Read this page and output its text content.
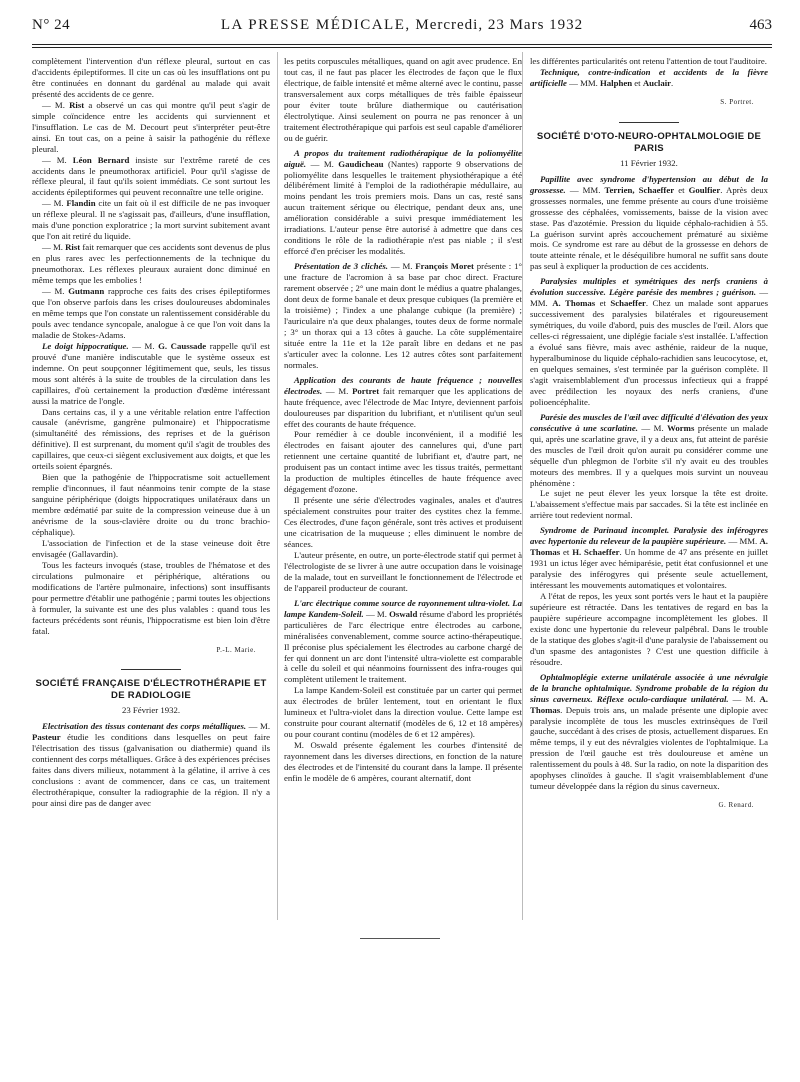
N° 24	LA PRESSE MÉDICALE, Mercredi, 23 Mars 1932	463

complètement l'intervention d'un réflexe pleural, surtout en cas d'accidents épileptiformes. Il cite un cas où les insufflations ont pu être continuées en donnant du gardénal au malade qui avait présenté des accidents de ce genre.

— M. Rist a observé un cas qui montre qu'il peut s'agir de simple coïncidence entre les accidents qui surviennent et l'insufflation. Le cas de M. Decourt peut s'interpréter peut-être ainsi. En tout cas, on a peine à saisir la pathogénie du réflexe pleural.

— M. Léon Bernard insiste sur l'extrême rareté de ces accidents dans le pneumothorax artificiel. Pour qu'il s'agisse de réflexe pleural, il faut qu'ils soient immédiats. Ce sont surtout les accidents épileptiformes qui peuvent reconnaître une telle origine.

— M. Flandin cite un fait où il est difficile de ne pas invoquer un réflexe pleural. Il ne s'agissait pas, d'ailleurs, d'une insufflation, mais d'une ponction exploratrice ; la mort survint subitement avant que l'on ait retiré du liquide.

— M. Rist fait remarquer que ces accidents sont devenus de plus en plus rares avec les perfectionnements de la technique du pneumothorax. Les réflexes pleuraux auraient donc diminué en même temps que les embolies !

— M. Gutmann rapproche ces faits des crises épileptiformes que l'on observe parfois dans les crises douloureuses abdominales en même temps que l'on constate un ralentissement considérable du pouls avec tendance syncopale, analogue à ce que l'on voit dans la maladie de Stokes-Adams.

Le doigt hippocratique. — M. G. Caussade rappelle qu'il est prouvé d'une manière indiscutable que le système osseux est indemne. On peut soupçonner légitimement que, seuls, les tissus mous sont altérés à la suite de troubles de la circulation dans les capillaires, d'où certainement la production d'œdème intéressant aussi la matrice de l'ongle.

Dans certains cas, il y a une véritable relation entre l'affection causale (anévrisme, gangrène pulmonaire) et l'hippocratisme (simultanéité des rémissions, des reprises et de la guérison définitive). Il est surprenant, du moment qu'il s'agit de troubles des capillaires, que ceux-ci siègent exclusivement aux doigts, et que les orteils soient épargnés.

Bien que la pathogénie de l'hippocratisme soit actuellement remplie d'inconnues, il faut néanmoins tenir compte de la stase sanguine périphérique (doigts hippocratiques unilatéraux dans un membre œdématié par suite de la compression veineuse due à un anévrisme de la sous-clavière droite ou du tronc brachio-céphalique).

L'association de l'infection et de la stase veineuse doit être envisagée (Gallavardin).

Tous les facteurs invoqués (stase, troubles de l'hématose et des circulations pulmonaire et périphérique, altérations ou modifications de l'artère pulmonaire, infections) sont insuffisants pour permettre d'établir une pathogénie ; parmi toutes les objections à formuler, la suivante est une des plus valables : quand tous les facteurs précédents sont réunis, l'hippocratisme est bien loin d'être fatal.

P.-L. Marie.
SOCIÉTÉ FRANÇAISE D'ÉLECTROTHÉRAPIE ET DE RADIOLOGIE
23 Février 1932.

Electrisation des tissus contenant des corps métalliques. — M. Pasteur étudie les conditions dans lesquelles on peut faire l'électrisation des tissus (galvanisation ou diathermie) quand ils contiennent des corps métalliques. Grâce à des expériences précises faites dans divers milieux, notamment à la gélatine, il arrive à ces conclusions : avant de commencer, dans ce cas, un traitement électrothérapique, consulter la radiographie de la région. Il n'y a pour ainsi dire pas de danger avec

les petits corpuscules métalliques, quand on agit avec prudence. En tout cas, il ne faut pas placer les électrodes de façon que le flux électrique, de faible intensité et même alterné avec le continu, passe transversalement aux corps métalliques de très faible épaisseur pour éviter toute brûlure diathermique ou cautérisation électrolytique. Ainsi seulement on pourra ne pas renoncer à un traitement électrothérapique qui parfois est seul capable d'améliorer ou de guérir.

A propos du traitement radiothérapique de la poliomyélite aiguë. — M. Gaudicheau (Nantes) rapporte 9 observations de poliomyélite dans lesquelles le traitement physiothérapique a été délibérément limité à l'emploi de la radiothérapie médullaire, au moins pendant les trois premiers mois. Dans un cas, resté sans aucun traitement sérique ou électrique, pendant deux ans, une amélioration considérable a suivi presque immédiatement les irradiations. L'auteur pense être autorisé à admettre que dans ces conditions le rôle de la radiothérapie n'est pas niable ; il s'est efforcé d'en préciser les modalités.

Présentation de 3 clichés. — M. François Moret présente : 1° une fracture de l'acromion à sa base par choc direct. Fracture rarement observée ; 2° une main dont le médius a quatre phalanges, dont deux de forme banale et deux presque cubiques (la première et la troisième) ; l'index a une phalange cubique (la première) ; l'auriculaire n'a que deux phalanges, toutes deux de forme normale ; 3° un thorax qui a 13 côtes à gauche. La côte supplémentaire située entre la 11e et la 12e paraît libre en dedans et ne pas s'articuler avec la colonne. Les 12 autres côtes sont parfaitement normales.

Application des courants de haute fréquence ; nouvelles électrodes. — M. Portret fait remarquer que les applications de haute fréquence, avec l'électrode de Mac Intyre, deviennent parfois douloureuses par disparition du lubrifiant, et n'utilisent qu'un seul effet des courants de haute fréquence.

Pour remédier à ce double inconvénient, il a modifié les électrodes en faisant ajouter des cannelures qui, d'une part retiennent une certaine quantité de lubrifiant et, d'autre part, ne produisent pas un contact intime avec les tissus traités, permettant la production de multiples étincelles de haute fréquence avec dégagement d'ozone.

Il présente une série d'électrodes vaginales, anales et d'autres spécialement construites pour traiter des cystites chez la femme. Ces électrodes, d'une façon générale, sont très actives et produisent une cicatrisation de la muqueuse ; elles diminuent le nombre de séances.

L'auteur présente, en outre, un porte-électrode statif qui permet à l'électrologiste de se livrer à une autre occupation dans le voisinage de la malade, tout en surveillant le fonctionnement de l'électrode et de l'appareil producteur de courant.

L'arc électrique comme source de rayonnement ultra-violet. La lampe Kandem-Soleil. — M. Oswald résume d'abord les propriétés particulières de l'arc électrique entre électrodes au carbone, minéralisées convenablement, comme source actino-thérapeutique. Il préconise plus spécialement les électrodes au carbone chargé de fer qui donnent un arc dont l'intensité ultra-violette est comparable à celle du soleil et qui néanmoins fournissent des infra-rouges qui complètent utilement le traitement.

La lampe Kandem-Soleil est constituée par un carter qui permet aux électrodes de brûler lentement, tout en orientant le flux lumineux et l'ultra-violet dans la direction voulue. Cette lampe est construite pour courant alternatif (modèles de 6, 12 et 18 ampères) ou pour courant continu (modèles de 6 et 12 ampères).

M. Oswald présente également les courbes d'intensité de rayonnement dans les diverses directions, en fonction de la nature des électrodes et de l'intensité du courant dans la lampe. Il présente enfin le modèle de 6 ampères, courant alternatif, dont

les différentes particularités ont retenu l'attention de tout l'auditoire.

Technique, contre-indication et accidents de la fièvre artificielle — MM. Halphen et Auclair.

S. Portret.
SOCIÉTÉ D'OTO-NEURO-OPHTALMOLOGIE DE PARIS
11 Février 1932.

Papillite avec syndrome d'hypertension au début de la grossesse. — MM. Terrien, Schaeffer et Goulfier. Après deux grossesses normales, une femme présente au cours d'une troisième grossesse des céphalées, vomissements, baisse de la vision avec stase. Pas d'azotémie. Pression du liquide céphalo-rachidien à 55. La guérison survint après accouchement prématuré au sixième mois. Ce syndrome est rare au début de la grossesse en dehors de toute atteinte rénale, et le déséquilibre humoral ne suffit sans doute pas seul à expliquer la production de ces accidents.

Paralysies multiples et symétriques des nerfs craniens à évolution successive. Légère parésie des membres ; guérison. — MM. A. Thomas et Schaeffer. Chez un malade sont apparues successivement des paralysies bilatérales et rigoureusement symétriques, du voile d'abord, puis des muscles de l'œil. Alors que celles-ci régressaient, une diplégie faciale s'est installée. L'affection a évolué sans fièvre, mais avec asthénie, raideur de la nuque, hyperalbuminose du liquide céphalo-rachidien sans leucocytose, et, en quelques semaines, s'est terminée par la guérison complète. Il s'agit vraisemblablement d'un processus infectieux qui a frappé avec prédilection les noyaux des nerfs craniens, d'une polioencéphalite.

Parésie des muscles de l'œil avec difficulté d'élévation des yeux consécutive à une scarlatine. — M. Worms présente un malade qui, après une scarlatine grave, il y a deux ans, fut atteint de parésie des muscles de l'œil droit qu'on aurait pu considérer comme une séquelle d'un phlegmon de l'orbite s'il n'y avait eu des troubles moteurs des membres. Il y a quelques mois survint un nouveau phénomène :

Le sujet ne peut élever les yeux lorsque la tête est droite. L'abaissement s'effectue mais par saccades. Si la tête est inclinée en arrière tout redevient normal.

Syndrome de Parinaud incomplet. Paralysie des inférogyres avec hypertonie du releveur de la paupière supérieure. — MM. A. Thomas et H. Schaeffer. Un homme de 47 ans présente en juillet 1931 un ictus léger avec hémiparésie, petit état confusionnel et une paralysie des inférogyres qui présente seule actuellement, intéressant les mouvements automatiques et volontaires.

A l'état de repos, les yeux sont portés vers le haut et la paupière supérieure est rétractée. Dans les tentatives de regard en bas la paupière supérieure accompagne incomplètement les globes. Il existe donc une hypertonie du releveur palpébral. Dans le trouble de la statique des globes s'agit-il d'une paralysie de l'abaissement ou d'un spasme des antagonistes ? C'est une question difficile à résoudre.

Ophtalmoplégie externe unilatérale associée à une névralgie de la branche ophtalmique. Syndrome probable de la région du sinus caverneux. Réflexe oculo-cardiaque unilatéral. — M. A. Thomas. Depuis trois ans, un malade présente une diplopie avec paralysie incomplète de tous les muscles extrinsèques de l'œil gauche, succédant à des crises de ptosis, actuellement disparues. En même temps, il y eut des névralgies violentes de l'ophtalmique. La pression de l'œil gauche est très douloureuse et amène un ralentissement du pouls à 48. Sur la radio, on note la disparition des apophyses clinoïdes à gauche. Il s'agit vraisemblablement d'une tumeur développée dans la région du sinus caverneux.

G. Renard.
